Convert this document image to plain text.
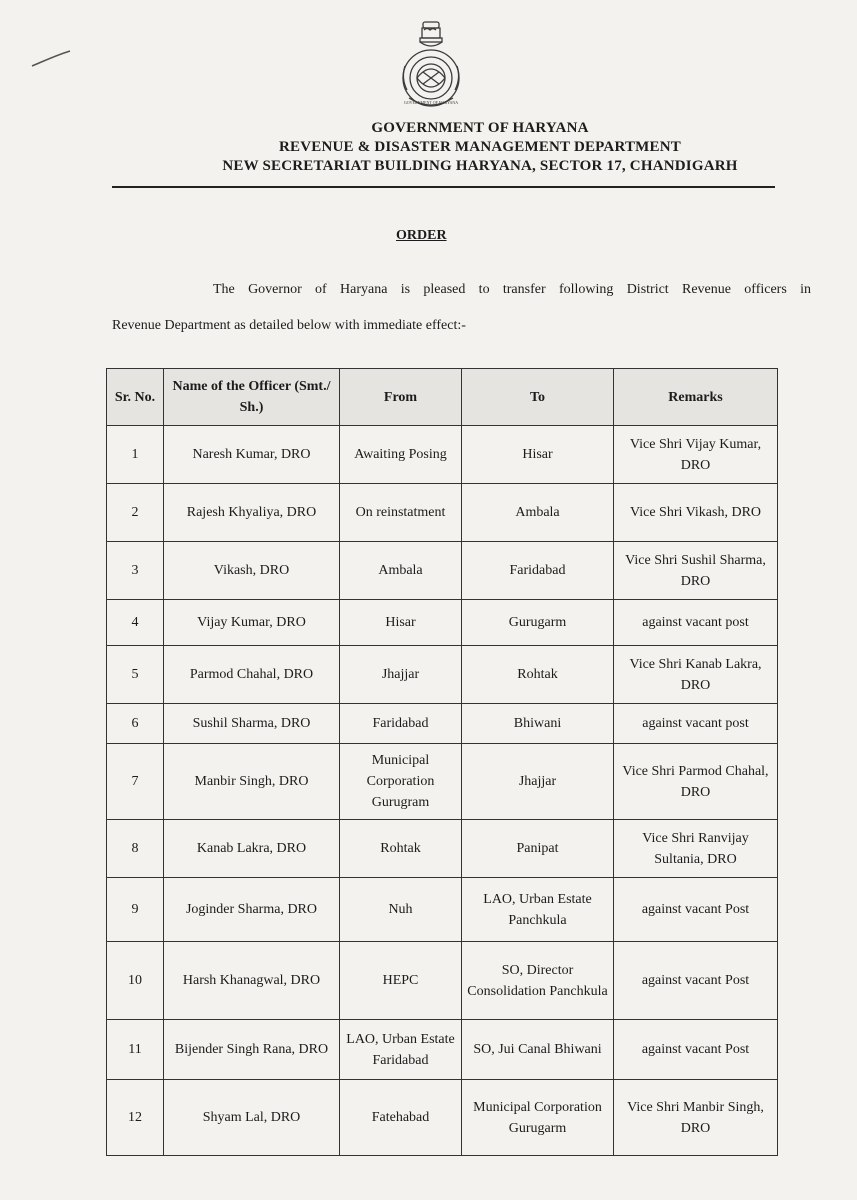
GOVERNMENT OF HARYANA
GOVERNMENT OF HARYANA
REVENUE & DISASTER MANAGEMENT DEPARTMENT
NEW SECRETARIAT BUILDING HARYANA, SECTOR 17, CHANDIGARH
ORDER
The Governor of Haryana is pleased to transfer following District Revenue officers in
Revenue Department as detailed below with immediate effect:-
Sr. No.	Name of the Officer (Smt./ Sh.)	From	To	Remarks
1	Naresh Kumar, DRO	Awaiting Posing	Hisar	Vice Shri Vijay Kumar, DRO
2	Rajesh Khyaliya, DRO	On reinstatment	Ambala	Vice Shri Vikash, DRO
3	Vikash, DRO	Ambala	Faridabad	Vice Shri Sushil Sharma, DRO
4	Vijay Kumar, DRO	Hisar	Gurugarm	against vacant post
5	Parmod Chahal, DRO	Jhajjar	Rohtak	Vice Shri Kanab Lakra, DRO
6	Sushil Sharma, DRO	Faridabad	Bhiwani	against vacant post
7	Manbir Singh, DRO	Municipal Corporation Gurugram	Jhajjar	Vice Shri Parmod Chahal, DRO
8	Kanab Lakra, DRO	Rohtak	Panipat	Vice Shri Ranvijay Sultania, DRO
9	Joginder Sharma, DRO	Nuh	LAO, Urban Estate Panchkula	against vacant Post
10	Harsh Khanagwal, DRO	HEPC	SO, Director Consolidation Panchkula	against vacant Post
11	Bijender Singh Rana, DRO	LAO, Urban Estate Faridabad	SO, Jui Canal Bhiwani	against vacant Post
12	Shyam Lal, DRO	Fatehabad	Municipal Corporation Gurugarm	Vice Shri Manbir Singh, DRO
